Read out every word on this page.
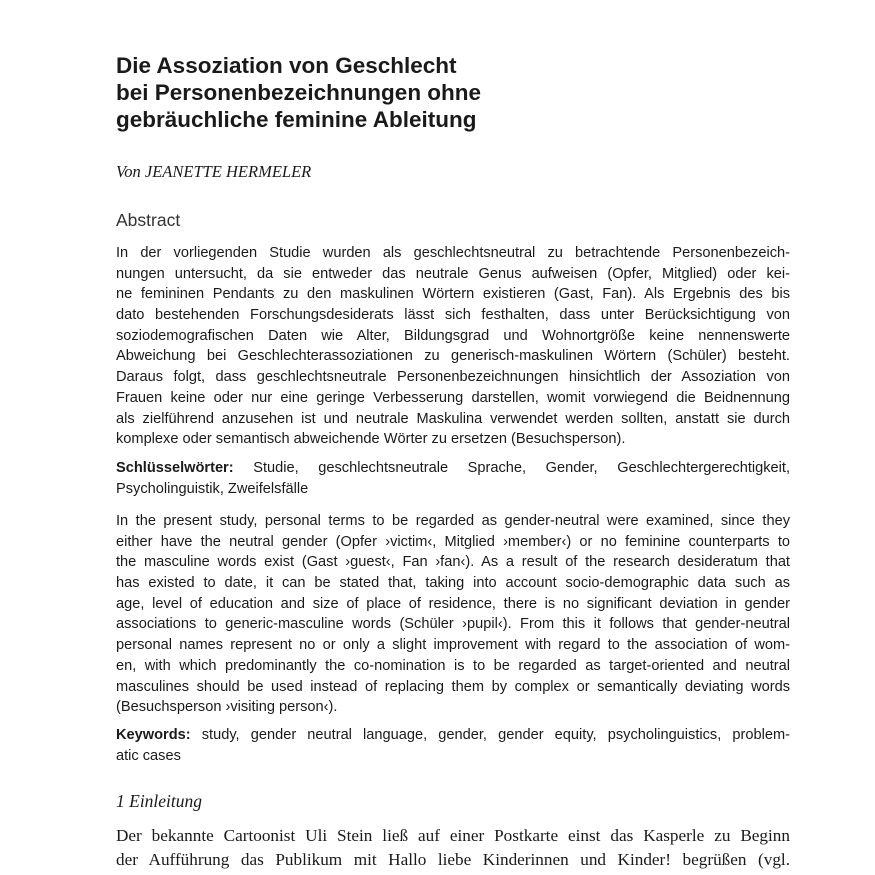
Die Assoziation von Geschlecht
bei Personenbezeichnungen ohne
gebräuchliche feminine Ableitung
Von JEANETTE HERMELER
Abstract
In der vorliegenden Studie wurden als geschlechtsneutral zu betrachtende Personenbezeich-
nungen untersucht, da sie entweder das neutrale Genus aufweisen (Opfer, Mitglied) oder kei-
ne femininen Pendants zu den maskulinen Wörtern existieren (Gast, Fan). Als Ergebnis des bis
dato bestehenden Forschungsdesiderats lässt sich festhalten, dass unter Berücksichtigung von
soziodemografischen Daten wie Alter, Bildungsgrad und Wohnortgröße keine nennenswerte
Abweichung bei Geschlechterassoziationen zu generisch-maskulinen Wörtern (Schüler) besteht.
Daraus folgt, dass geschlechtsneutrale Personenbezeichnungen hinsichtlich der Assoziation von
Frauen keine oder nur eine geringe Verbesserung darstellen, womit vorwiegend die Beidnennung
als zielführend anzusehen ist und neutrale Maskulina verwendet werden sollten, anstatt sie durch
komplexe oder semantisch abweichende Wörter zu ersetzen (Besuchsperson).
Schlüsselwörter: Studie, geschlechtsneutrale Sprache, Gender, Geschlechtergerechtigkeit,
Psycholinguistik, Zweifelsfälle
In the present study, personal terms to be regarded as gender-neutral were examined, since they
either have the neutral gender (Opfer ›victim‹, Mitglied ›member‹) or no feminine counterparts to
the masculine words exist (Gast ›guest‹, Fan ›fan‹). As a result of the research desideratum that
has existed to date, it can be stated that, taking into account socio-demographic data such as
age, level of education and size of place of residence, there is no significant deviation in gender
associations to generic-masculine words (Schüler ›pupil‹). From this it follows that gender-neutral
personal names represent no or only a slight improvement with regard to the association of wom-
en, with which predominantly the co-nomination is to be regarded as target-oriented and neutral
masculines should be used instead of replacing them by complex or semantically deviating words
(Besuchsperson ›visiting person‹).
Keywords: study, gender neutral language, gender, gender equity, psycholinguistics, problem-
atic cases
1 Einleitung
Der bekannte Cartoonist Uli Stein ließ auf einer Postkarte einst das Kasperle zu Beginn
der Aufführung das Publikum mit Hallo liebe Kinderinnen und Kinder! begrüßen (vgl.
